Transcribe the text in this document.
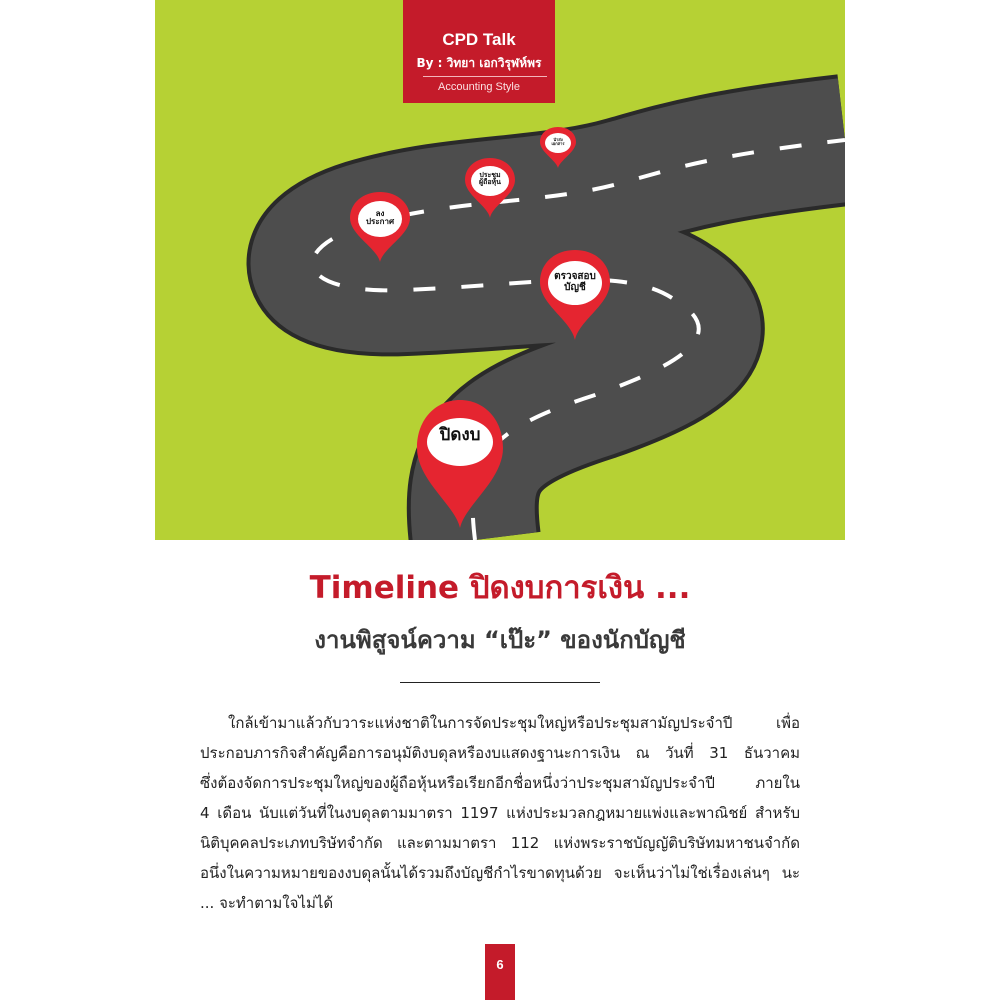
ปิดงบ
ตรวจสอบ
บัญชี
ลง
ประกาศ
ประชุม
ผู้ถือหุ้น
นำส่ง
เอกสาร
CPD Talk
By : วิทยา เอกวิรุฬห์พร
Accounting Style
Timeline ปิดงบการเงิน ...
งานพิสูจน์ความ “เป๊ะ” ของนักบัญชี

ใกล้เข้ามาแล้วกับวาระแห่งชาติในการจัดประชุมใหญ่หรือประชุมสามัญประจำปี เพื่อ

ประกอบภารกิจสำคัญคือการอนุมัติงบดุลหรืองบแสดงฐานะการเงิน ณ วันที่ 31 ธันวาคม

ซึ่งต้องจัดการประชุมใหญ่ของผู้ถือหุ้นหรือเรียกอีกชื่อหนึ่งว่าประชุมสามัญประจำปี ภายใน

4 เดือน นับแต่วันที่ในงบดุลตามมาตรา 1197 แห่งประมวลกฎหมายแพ่งและพาณิชย์ สำหรับ

นิติบุคคลประเภทบริษัทจำกัด และตามมาตรา 112 แห่งพระราชบัญญัติบริษัทมหาชนจำกัด

อนึ่งในความหมายของงบดุลนั้นได้รวมถึงบัญชีกำไรขาดทุนด้วย จะเห็นว่าไม่ใช่เรื่องเล่นๆ นะ

... จะทำตามใจไม่ได้

6
